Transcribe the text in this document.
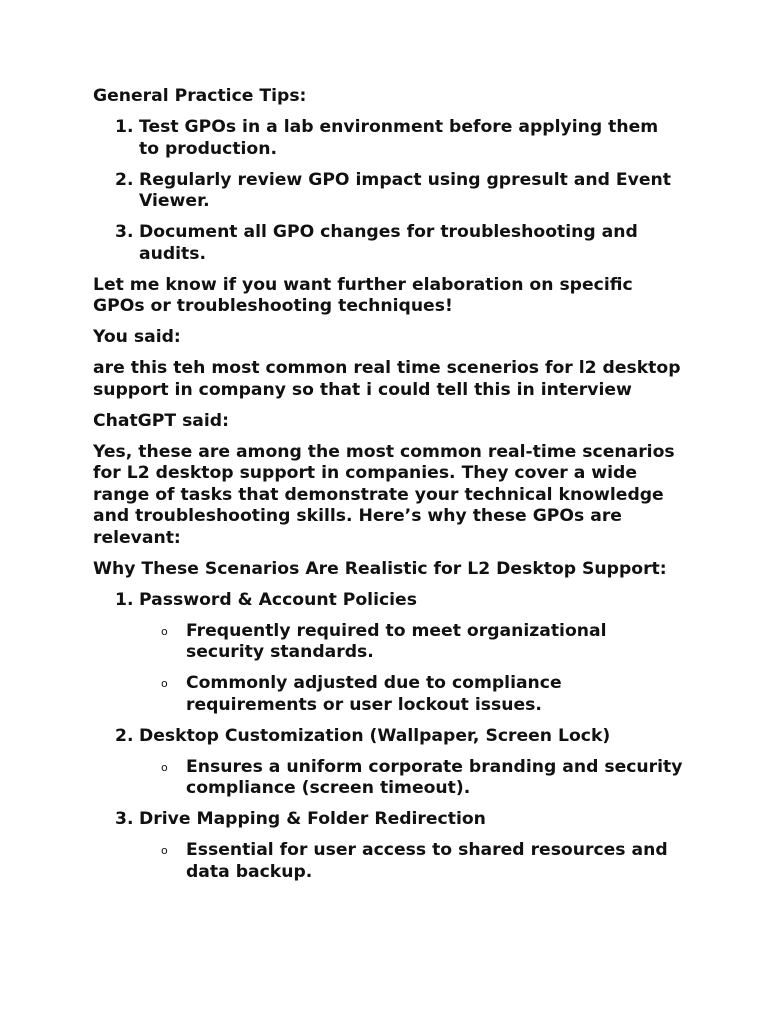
General Practice Tips:

1. Test GPOs in a lab environment before applying them to production.
2. Regularly review GPO impact using gpresult and Event Viewer.
3. Document all GPO changes for troubleshooting and audits.

Let me know if you want further elaboration on specific GPOs or troubleshooting techniques!

You said:

are this teh most common real time scenerios for l2 desktop support in company so that i could tell this in interview

ChatGPT said:

Yes, these are among the most common real-time scenarios for L2 desktop support in companies. They cover a wide range of tasks that demonstrate your technical knowledge and troubleshooting skills. Here’s why these GPOs are relevant:

Why These Scenarios Are Realistic for L2 Desktop Support:

1. Password & Account Policies
o Frequently required to meet organizational security standards.
o Commonly adjusted due to compliance requirements or user lockout issues.
2. Desktop Customization (Wallpaper, Screen Lock)
o Ensures a uniform corporate branding and security compliance (screen timeout).
3. Drive Mapping & Folder Redirection
o Essential for user access to shared resources and data backup.
